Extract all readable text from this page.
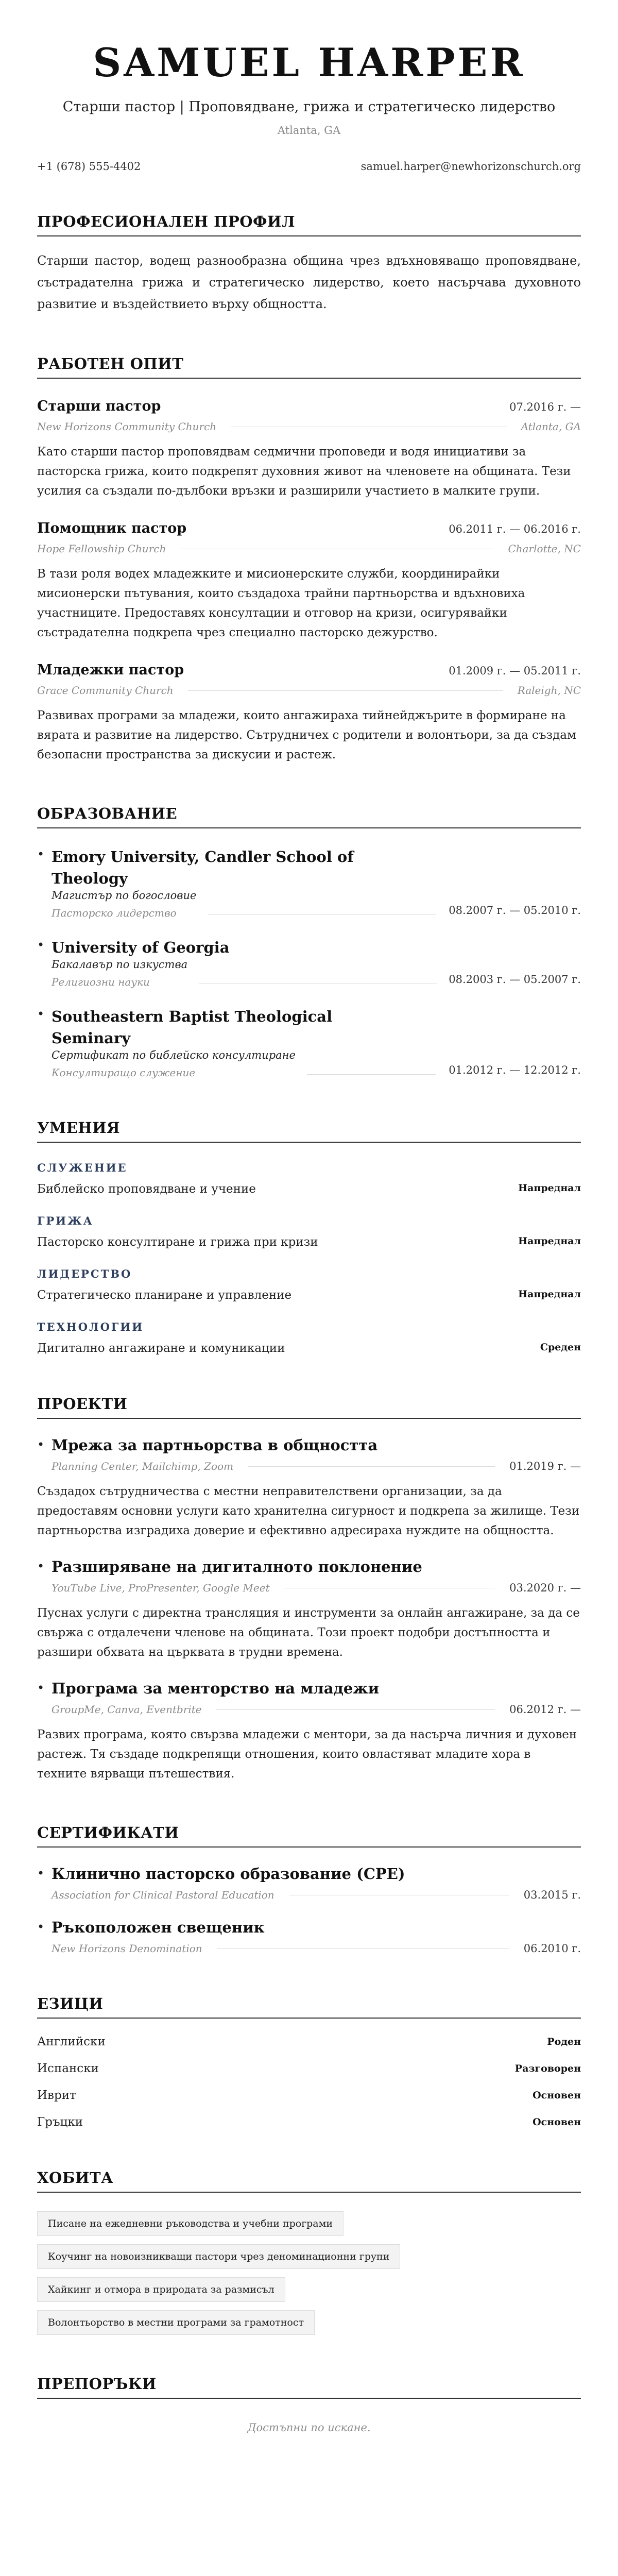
SAMUEL HARPER
Старши пастор | Проповядване, грижа и стратегическо лидерство
Atlanta, GA
+1 (678) 555-4402	samuel.harper@newhorizonschurch.org
ПРОФЕСИОНАЛЕН ПРОФИЛ
Старши пастор, водещ разнообразна община чрез вдъхновяващо проповядване, състрадателна грижа и стратегическо лидерство, което насърчава духовното развитие и въздействието върху общността.
РАБОТЕН ОПИТ
Старши пастор	07.2016 г. —
New Horizons Community Church	Atlanta, GA
Като старши пастор проповядвам седмични проповеди и водя инициативи за пасторска грижа, които подкрепят духовния живот на членовете на общината. Тези усилия са създали по-дълбоки връзки и разширили участието в малките групи.
Помощник пастор	06.2011 г. — 06.2016 г.
Hope Fellowship Church	Charlotte, NC
В тази роля водех младежките и мисионерските служби, координирайки мисионерски пътувания, които създадоха трайни партньорства и вдъхновиха участниците. Предоставях консултации и отговор на кризи, осигурявайки състрадателна подкрепа чрез специално пасторско дежурство.
Младежки пастор	01.2009 г. — 05.2011 г.
Grace Community Church	Raleigh, NC
Развивах програми за младежи, които ангажираха тийнейджърите в формиране на вярата и развитие на лидерство. Сътрудничех с родители и волонтьори, за да създам безопасни пространства за дискусии и растеж.
ОБРАЗОВАНИЕ
• Emory University, Candler School of Theology
Магистър по богословие
Пасторско лидерство	08.2007 г. — 05.2010 г.
• University of Georgia
Бакалавър по изкуства
Религиозни науки	08.2003 г. — 05.2007 г.
• Southeastern Baptist Theological Seminary
Сертификат по библейско консултиране
Консултиращо служение	01.2012 г. — 12.2012 г.
УМЕНИЯ
СЛУЖЕНИЕ
Библейско проповядване и учение	Напреднал
ГРИЖА
Пасторско консултиране и грижа при кризи	Напреднал
ЛИДЕРСТВО
Стратегическо планиране и управление	Напреднал
ТЕХНОЛОГИИ
Дигитално ангажиране и комуникации	Среден
ПРОЕКТИ
• Мрежа за партньорства в общността
Planning Center, Mailchimp, Zoom	01.2019 г. —
Създадох сътрудничества с местни неправителствени организации, за да предоставям основни услуги като хранителна сигурност и подкрепа за жилище. Тези партньорства изградиха доверие и ефективно адресираха нуждите на общността.
• Разширяване на дигиталното поклонение
YouTube Live, ProPresenter, Google Meet	03.2020 г. —
Пуснах услуги с директна трансляция и инструменти за онлайн ангажиране, за да се свържа с отдалечени членове на общината. Този проект подобри достъпността и разшири обхвата на църквата в трудни времена.
• Програма за менторство на младежи
GroupMe, Canva, Eventbrite	06.2012 г. —
Развих програма, която свързва младежи с ментори, за да насърча личния и духовен растеж. Тя създаде подкрепящи отношения, които овластяват младите хора в техните вярващи пътешествия.
СЕРТИФИКАТИ
• Клинично пасторско образование (CPE)
Association for Clinical Pastoral Education	03.2015 г.
• Ръкоположен свещеник
New Horizons Denomination	06.2010 г.
ЕЗИЦИ
Английски	Роден
Испански	Разговорен
Иврит	Основен
Гръцки	Основен
ХОБИТА
Писане на ежедневни ръководства и учебни програми
Коучинг на новоизникващи пастори чрез деноминационни групи
Хайкинг и отмора в природата за размисъл
Волонтьорство в местни програми за грамотност
ПРЕПОРЪКИ
Достъпни по искане.
